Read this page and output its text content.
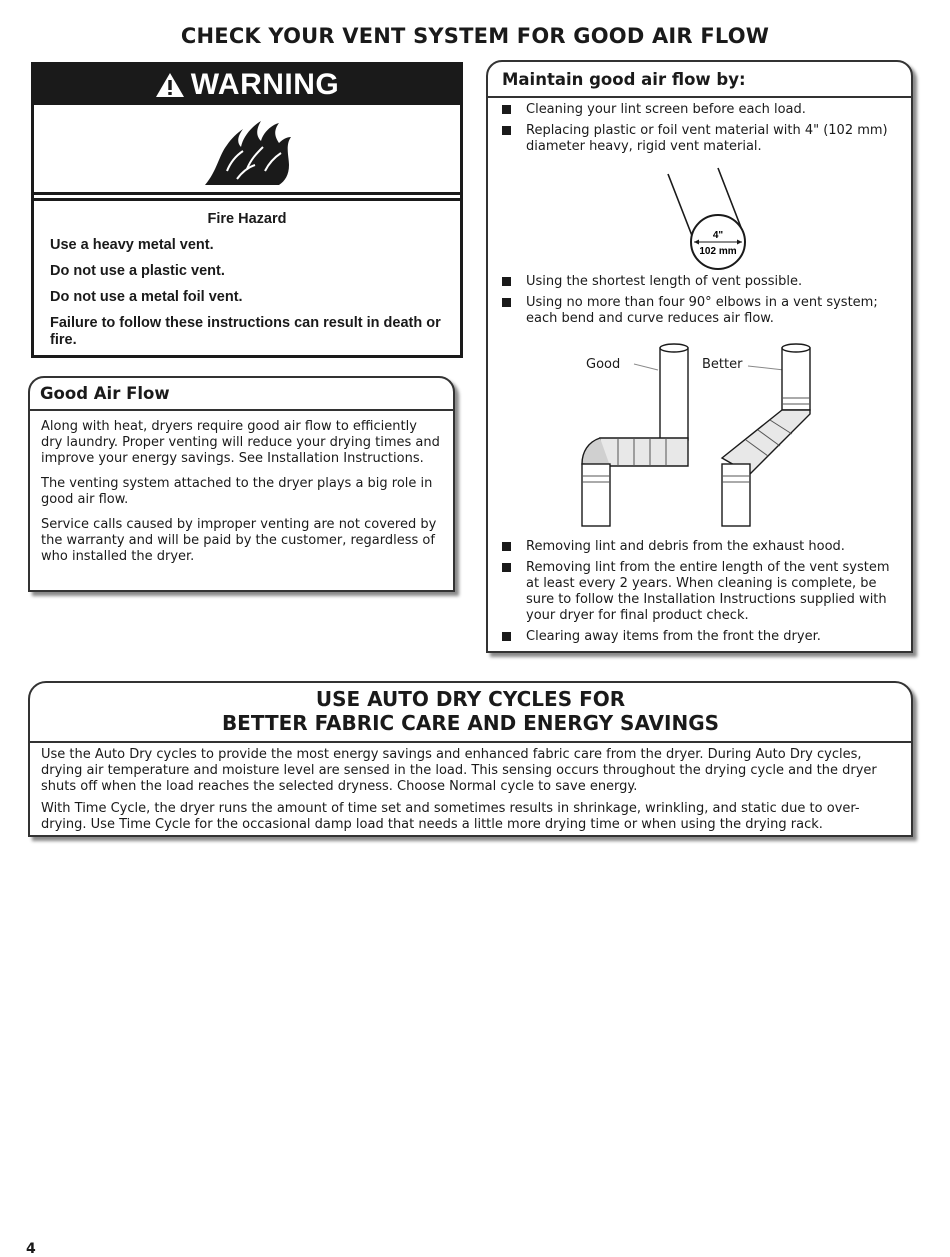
CHECK YOUR VENT SYSTEM FOR GOOD AIR FLOW
WARNING
Fire Hazard

Use a heavy metal vent.

Do not use a plastic vent.

Do not use a metal foil vent.

Failure to follow these instructions can result in death or fire.

Good Air Flow

Along with heat, dryers require good air flow to efficiently dry laundry. Proper venting will reduce your drying times and improve your energy savings. See Installation Instructions.

The venting system attached to the dryer plays a big role in good air flow.

Service calls caused by improper venting are not covered by the warranty and will be paid by the customer, regardless of who installed the dryer.

Maintain good air flow by:
Cleaning your lint screen before each load.
Replacing plastic or foil vent material with 4" (102 mm) diameter heavy, rigid vent material.
4"
102 mm
Using the shortest length of vent possible.
Using no more than four 90° elbows in a vent system; each bend and curve reduces air flow.
Good	Better
Removing lint and debris from the exhaust hood.
Removing lint from the entire length of the vent system at least every 2 years. When cleaning is complete, be sure to follow the Installation Instructions supplied with your dryer for final product check.
Clearing away items from the front the dryer.
USE AUTO DRY CYCLES FOR
BETTER FABRIC CARE AND ENERGY SAVINGS

Use the Auto Dry cycles to provide the most energy savings and enhanced fabric care from the dryer. During Auto Dry cycles, drying air temperature and moisture level are sensed in the load. This sensing occurs throughout the drying cycle and the dryer shuts off when the load reaches the selected dryness. Choose Normal cycle to save energy.

With Time Cycle, the dryer runs the amount of time set and sometimes results in shrinkage, wrinkling, and static due to over-drying. Use Time Cycle for the occasional damp load that needs a little more drying time or when using the drying rack.

4
